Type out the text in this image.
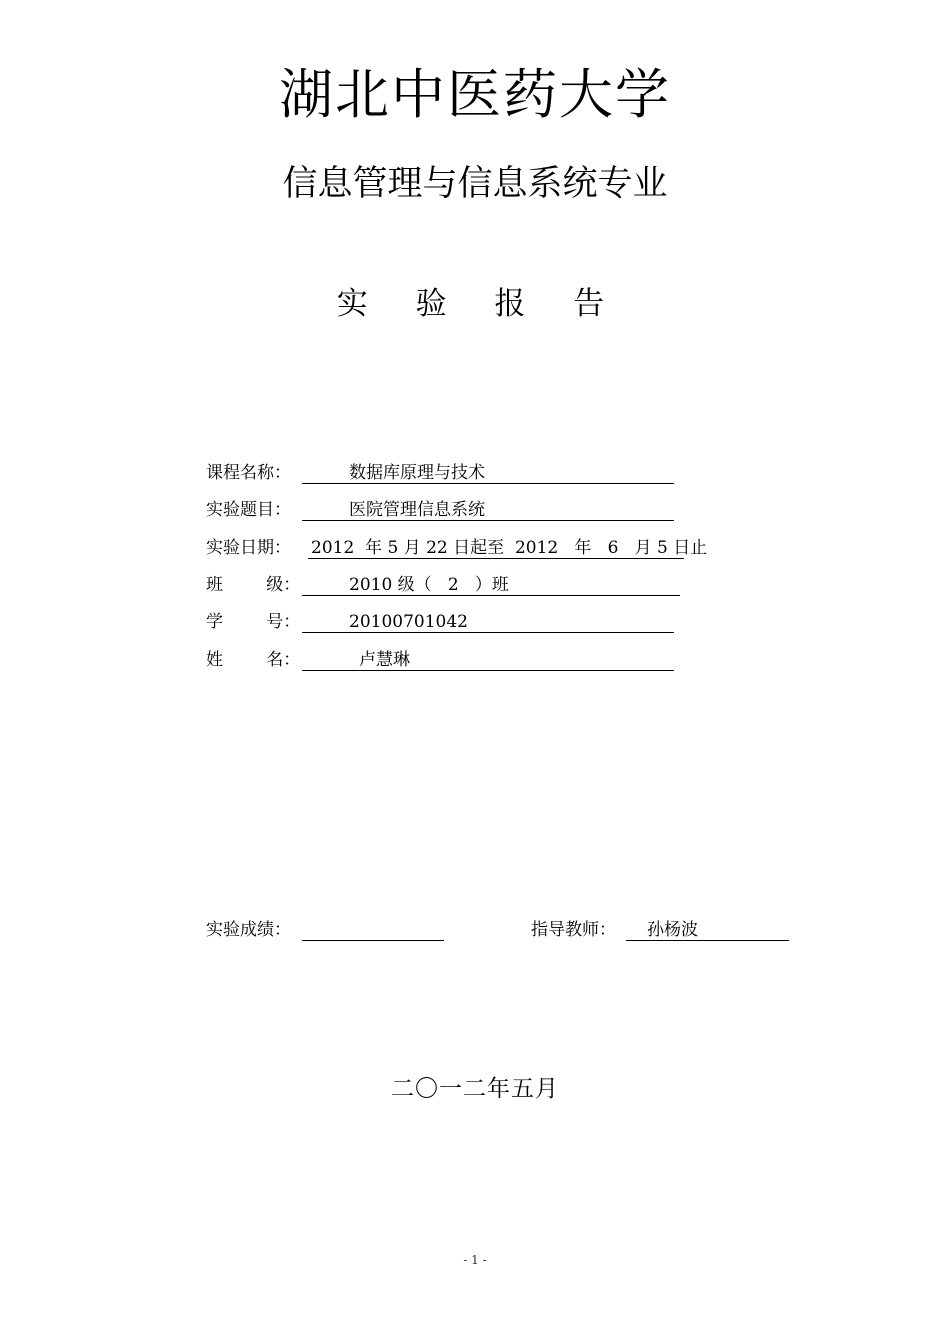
湖北中医药大学
信息管理与信息系统专业
实 验 报 告
课程名称：	数据库原理与技术
实验题目：	医院管理信息系统
实验日期： 2012  年 5 月 22 日起至  2012   年   6   月 5 日止
班        级：	2010 级（   2   ）班
学        号：	20100701042
姓        名：	卢慧琳
实验成绩：	指导教师： 孙杨波
二〇一二年五月
- 1 -
